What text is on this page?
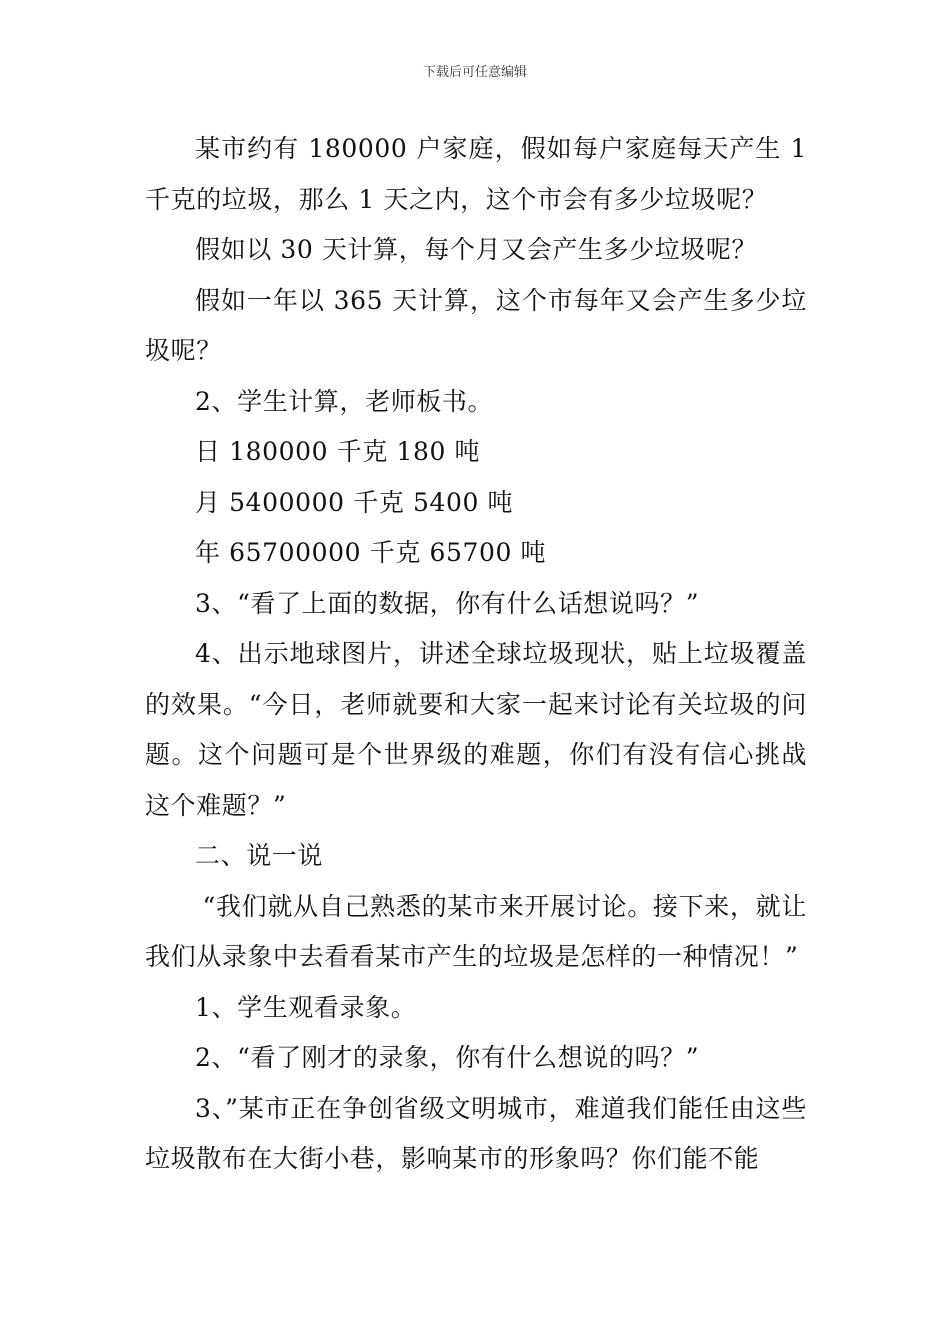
下载后可任意编辑

某市约有 180000 户家庭，假如每户家庭每天产生 1 千克的垃圾，那么 1 天之内，这个市会有多少垃圾呢？

假如以 30 天计算，每个月又会产生多少垃圾呢？

假如一年以 365 天计算，这个市每年又会产生多少垃圾呢？

2、学生计算，老师板书。

日 180000 千克 180 吨

月 5400000 千克 5400 吨

年 65700000 千克 65700 吨

3、“看了上面的数据，你有什么话想说吗？”

4、出示地球图片，讲述全球垃圾现状，贴上垃圾覆盖的效果。“今日，老师就要和大家一起来讨论有关垃圾的问题。这个问题可是个世界级的难题，你们有没有信心挑战这个难题？”

二、说一说

“我们就从自己熟悉的某市来开展讨论。接下来，就让我们从录象中去看看某市产生的垃圾是怎样的一种情况！”

1、学生观看录象。

2、“看了刚才的录象，你有什么想说的吗？”

3、”某市正在争创省级文明城市，难道我们能任由这些垃圾散布在大街小巷，影响某市的形象吗？你们能不能
